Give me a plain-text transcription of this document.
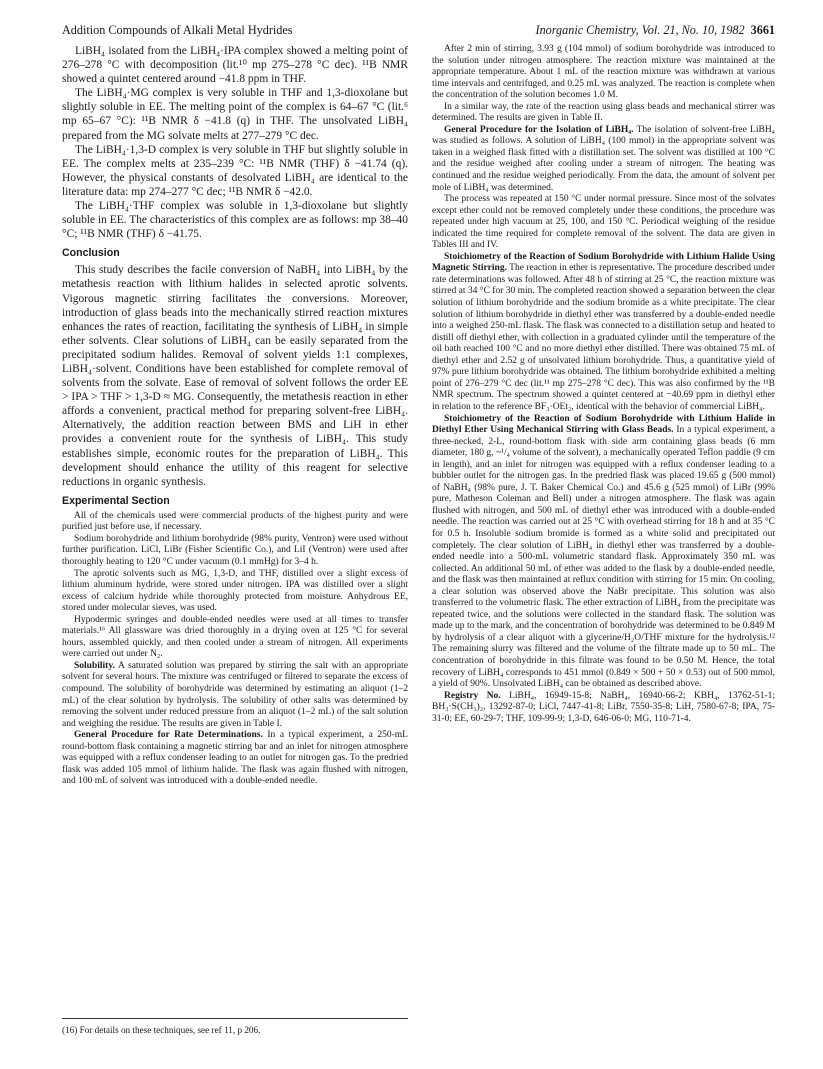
Addition Compounds of Alkali Metal Hydrides	Inorganic Chemistry, Vol. 21, No. 10, 1982 3661

LiBH₄ isolated from the LiBH₄·IPA complex showed a melting point of 276–278 °C with decomposition (lit.¹⁰ mp 275–278 °C dec). ¹¹B NMR showed a quintet centered around −41.8 ppm in THF.

The LiBH₄·MG complex is very soluble in THF and 1,3-dioxolane but slightly soluble in EE. The melting point of the complex is 64–67 °C (lit.⁶ mp 65–67 °C): ¹¹B NMR δ −41.8 (q) in THF. The unsolvated LiBH₄ prepared from the MG solvate melts at 277–279 °C dec.

The LiBH₄·1,3-D complex is very soluble in THF but slightly soluble in EE. The complex melts at 235–239 °C: ¹¹B NMR (THF) δ −41.74 (q). However, the physical constants of desolvated LiBH₄ are identical to the literature data: mp 274–277 °C dec; ¹¹B NMR δ −42.0.

The LiBH₄·THF complex was soluble in 1,3-dioxolane but slightly soluble in EE. The characteristics of this complex are as follows: mp 38–40 °C; ¹¹B NMR (THF) δ −41.75.

Conclusion

This study describes the facile conversion of NaBH₄ into LiBH₄ by the metathesis reaction with lithium halides in selected aprotic solvents. Vigorous magnetic stirring facilitates the conversions. Moreover, introduction of glass beads into the mechanically stirred reaction mixtures enhances the rates of reaction, facilitating the synthesis of LiBH₄ in simple ether solvents. Clear solutions of LiBH₄ can be easily separated from the precipitated sodium halides. Removal of solvent yields 1:1 complexes, LiBH₄·solvent. Conditions have been established for complete removal of solvents from the solvate. Ease of removal of solvent follows the order EE > IPA > THF > 1,3-D ≈ MG. Consequently, the metathesis reaction in ether affords a convenient, practical method for preparing solvent-free LiBH₄. Alternatively, the addition reaction between BMS and LiH in ether provides a convenient route for the synthesis of LiBH₄. This study establishes simple, economic routes for the preparation of LiBH₄. This development should enhance the utility of this reagent for selective reductions in organic synthesis.

Experimental Section

All of the chemicals used were commercial products of the highest purity and were purified just before use, if necessary.

Sodium borohydride and lithium borohydride (98% purity, Ventron) were used without further purification. LiCl, LiBr (Fisher Scientific Co.), and LiI (Ventron) were used after thoroughly heating to 120 °C under vacuum (0.1 mmHg) for 3–4 h.

The aprotic solvents such as MG, 1,3-D, and THF, distilled over a slight excess of lithium aluminum hydride, were stored under nitrogen. IPA was distilled over a slight excess of calcium hydride while thoroughly protected from moisture. Anhydrous EE, stored under molecular sieves, was used.

Hypodermic syringes and double-ended needles were used at all times to transfer materials.¹⁶ All glassware was dried thoroughly in a drying oven at 125 °C for several hours, assembled quickly, and then cooled under a stream of nitrogen. All experiments were carried out under N₂.

Solubility. A saturated solution was prepared by stirring the salt with an appropriate solvent for several hours. The mixture was centrifuged or filtered to separate the excess of compound. The solubility of borohydride was determined by estimating an aliquot (1–2 mL) of the clear solution by hydrolysis. The solubility of other salts was determined by removing the solvent under reduced pressure from an aliquot (1–2 mL) of the salt solution and weighing the residue. The results are given in Table I.

General Procedure for Rate Determinations. In a typical experiment, a 250-mL round-bottom flask containing a magnetic stirring bar and an inlet for nitrogen atmosphere was equipped with a reflux condenser leading to an outlet for nitrogen gas. To the predried flask was added 105 mmol of lithium halide. The flask was again flushed with nitrogen, and 100 mL of solvent was introduced with a double-ended needle.

After 2 min of stirring, 3.93 g (104 mmol) of sodium borohydride was introduced to the solution under nitrogen atmosphere. The reaction mixture was maintained at the appropriate temperature. About 1 mL of the reaction mixture was withdrawn at various time intervals and centrifuged, and 0.25 mL was analyzed. The reaction is complete when the concentration of the solution becomes 1.0 M.

In a similar way, the rate of the reaction using glass beads and mechanical stirrer was determined. The results are given in Table II.

General Procedure for the Isolation of LiBH₄. The isolation of solvent-free LiBH₄ was studied as follows. A solution of LiBH₄ (100 mmol) in the appropriate solvent was taken in a weighed flask fitted with a distillation set. The solvent was distilled at 100 °C and the residue weighed after cooling under a stream of nitrogen. The heating was continued and the residue weighed periodically. From the data, the amount of solvent per mole of LiBH₄ was determined.

The process was repeated at 150 °C under normal pressure. Since most of the solvates except ether could not be removed completely under these conditions, the procedure was repeated under high vacuum at 25, 100, and 150 °C. Periodical weighing of the residue indicated the time required for complete removal of the solvent. The data are given in Tables III and IV.

Stoichiometry of the Reaction of Sodium Borohydride with Lithium Halide Using Magnetic Stirring. The reaction in ether is representative. The procedure described under rate determinations was followed. After 48 h of stirring at 25 °C, the reaction mixture was stirred at 34 °C for 30 min. The completed reaction showed a separation between the clear solution of lithium borohydride and the sodium bromide as a white precipitate. The clear solution of lithium borohydride in diethyl ether was transferred by a double-ended needle into a weighed 250-mL flask. The flask was connected to a distillation setup and heated to distill off diethyl ether, with collection in a graduated cylinder until the temperature of the oil bath reached 100 °C and no more diethyl ether distilled. There was obtained 75 mL of diethyl ether and 2.52 g of unsolvated lithium borohydride. Thus, a quantitative yield of 97% pure lithium borohydride was obtained. The lithium borohydride exhibited a melting point of 276–279 °C dec (lit.¹¹ mp 275–278 °C dec). This was also confirmed by the ¹¹B NMR spectrum. The spectrum showed a quintet centered at −40.69 ppm in diethyl ether in relation to the reference BF₃·OEt₂, identical with the behavior of commercial LiBH₄.

Stoichiometry of the Reaction of Sodium Borohydride with Lithium Halide in Diethyl Ether Using Mechanical Stirring with Glass Beads. In a typical experiment, a three-necked, 2-L, round-bottom flask with side arm containing glass beads (6 mm diameter, 180 g, ~¹/₄ volume of the solvent), a mechanically operated Teflon paddle (9 cm in length), and an inlet for nitrogen was equipped with a reflux condenser leading to a bubbler outlet for the nitrogen gas. In the predried flask was placed 19.65 g (500 mmol) of NaBH₄ (98% pure, J. T. Baker Chemical Co.) and 45.6 g (525 mmol) of LiBr (99% pure, Matheson Coleman and Bell) under a nitrogen atmosphere. The flask was again flushed with nitrogen, and 500 mL of diethyl ether was introduced with a double-ended needle. The reaction was carried out at 25 °C with overhead stirring for 18 h and at 35 °C for 0.5 h. Insoluble sodium bromide is formed as a white solid and precipitated out completely. The clear solution of LiBH₄ in diethyl ether was transferred by a double-ended needle into a 500-mL volumetric standard flask. Approximately 350 mL was collected. An additional 50 mL of ether was added to the flask by a double-ended needle, and the flask was then maintained at reflux condition with stirring for 15 min. On cooling, a clear solution was observed above the NaBr precipitate. This solution was also transferred to the volumetric flask. The ether extraction of LiBH₄ from the precipitate was repeated twice, and the solutions were collected in the standard flask. The solution was made up to the mark, and the concentration of borohydride was determined to be 0.849 M by hydrolysis of a clear aliquot with a glycerine/H₂O/THF mixture for the hydrolysis.¹² The remaining slurry was filtered and the volume of the filtrate made up to 50 mL. The concentration of borohydride in this filtrate was found to be 0.50 M. Hence, the total recovery of LiBH₄ corresponds to 451 mmol (0.849 × 500 + 50 × 0.53) out of 500 mmol, a yield of 90%. Unsolvated LiBH₄ can be obtained as described above.

Registry No. LiBH₄, 16949-15-8; NaBH₄, 16940-66-2; KBH₄, 13762-51-1; BH₃·S(CH₃)₂, 13292-87-0; LiCl, 7447-41-8; LiBr, 7550-35-8; LiH, 7580-67-8; IPA, 75-31-0; EE, 60-29-7; THF, 109-99-9; 1,3-D, 646-06-0; MG, 110-71-4.

(16) For details on these techniques, see ref 11, p 206.
